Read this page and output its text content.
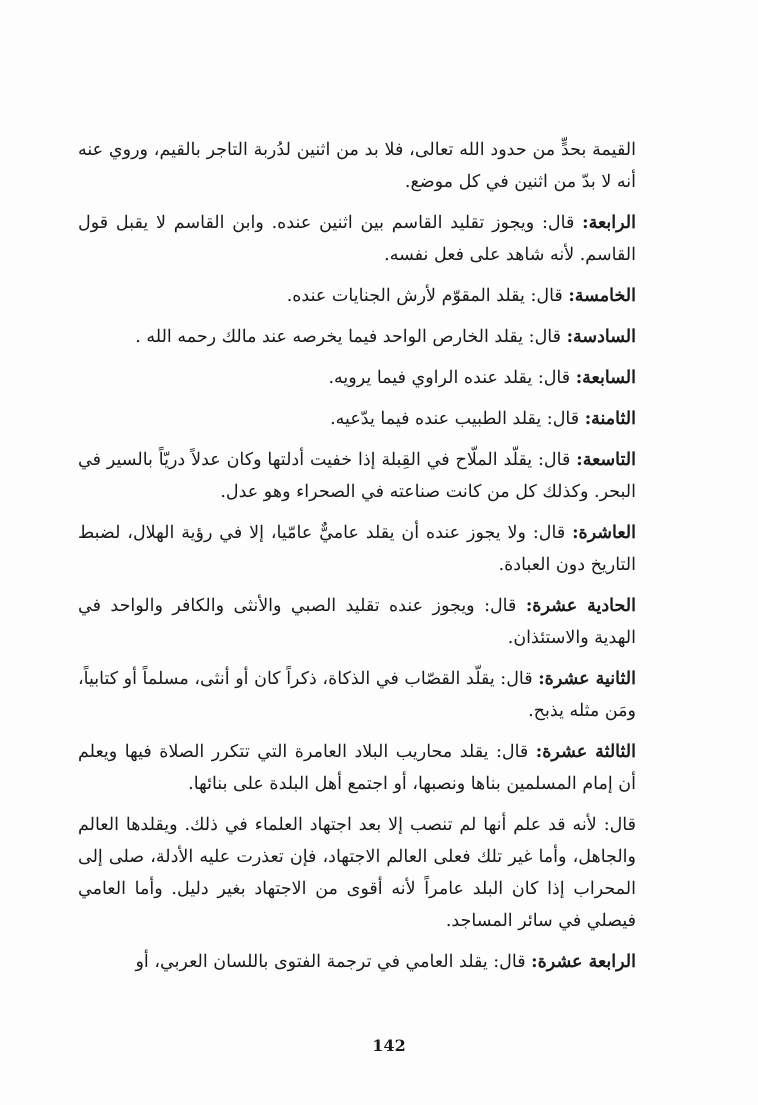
القيمة بحدٍّ من حدود الله تعالى، فلا بد من اثنين لدُربة التاجر بالقيم، وروي عنه أنه لا بدّ من اثنين في كل موضع.

الرابعة: قال: ويجوز تقليد القاسم بين اثنين عنده. وابن القاسم لا يقبل قول القاسم. لأنه شاهد على فعل نفسه.

الخامسة: قال: يقلد المقوّم لأرش الجنايات عنده.

السادسة: قال: يقلد الخارص الواحد فيما يخرصه عند مالك رحمه الله .

السابعة: قال: يقلد عنده الراوي فيما يرويه.

الثامنة: قال: يقلد الطبيب عنده فيما يدّعيه.

التاسعة: قال: يقلّد الملّاح في القِبلة إذا خفيت أدلتها وكان عدلاً دريّاً بالسير في البحر. وكذلك كل من كانت صناعته في الصحراء وهو عدل.

العاشرة: قال: ولا يجوز عنده أن يقلد عاميٌّ عامّيا، إلا في رؤية الهلال، لضبط التاريخ دون العبادة.

الحادية عشرة: قال: ويجوز عنده تقليد الصبي والأنثى والكافر والواحد في الهدية والاستئذان.

الثانية عشرة: قال: يقلّد القصّاب في الذكاة، ذكراً كان أو أنثى، مسلماً أو كتابياً، ومَن مثله يذبح.

الثالثة عشرة: قال: يقلد محاريب البلاد العامرة التي تتكرر الصلاة فيها ويعلم أن إمام المسلمين بناها ونصبها، أو اجتمع أهل البلدة على بنائها.

قال: لأنه قد علم أنها لم تنصب إلا بعد اجتهاد العلماء في ذلك. ويقلدها العالم والجاهل، وأما غير تلك فعلى العالم الاجتهاد، فإن تعذرت عليه الأدلة، صلى إلى المحراب إذا كان البلد عامراً لأنه أقوى من الاجتهاد بغير دليل. وأما العامي فيصلي في سائر المساجد.

الرابعة عشرة: قال: يقلد العامي في ترجمة الفتوى باللسان العربي، أو

142
